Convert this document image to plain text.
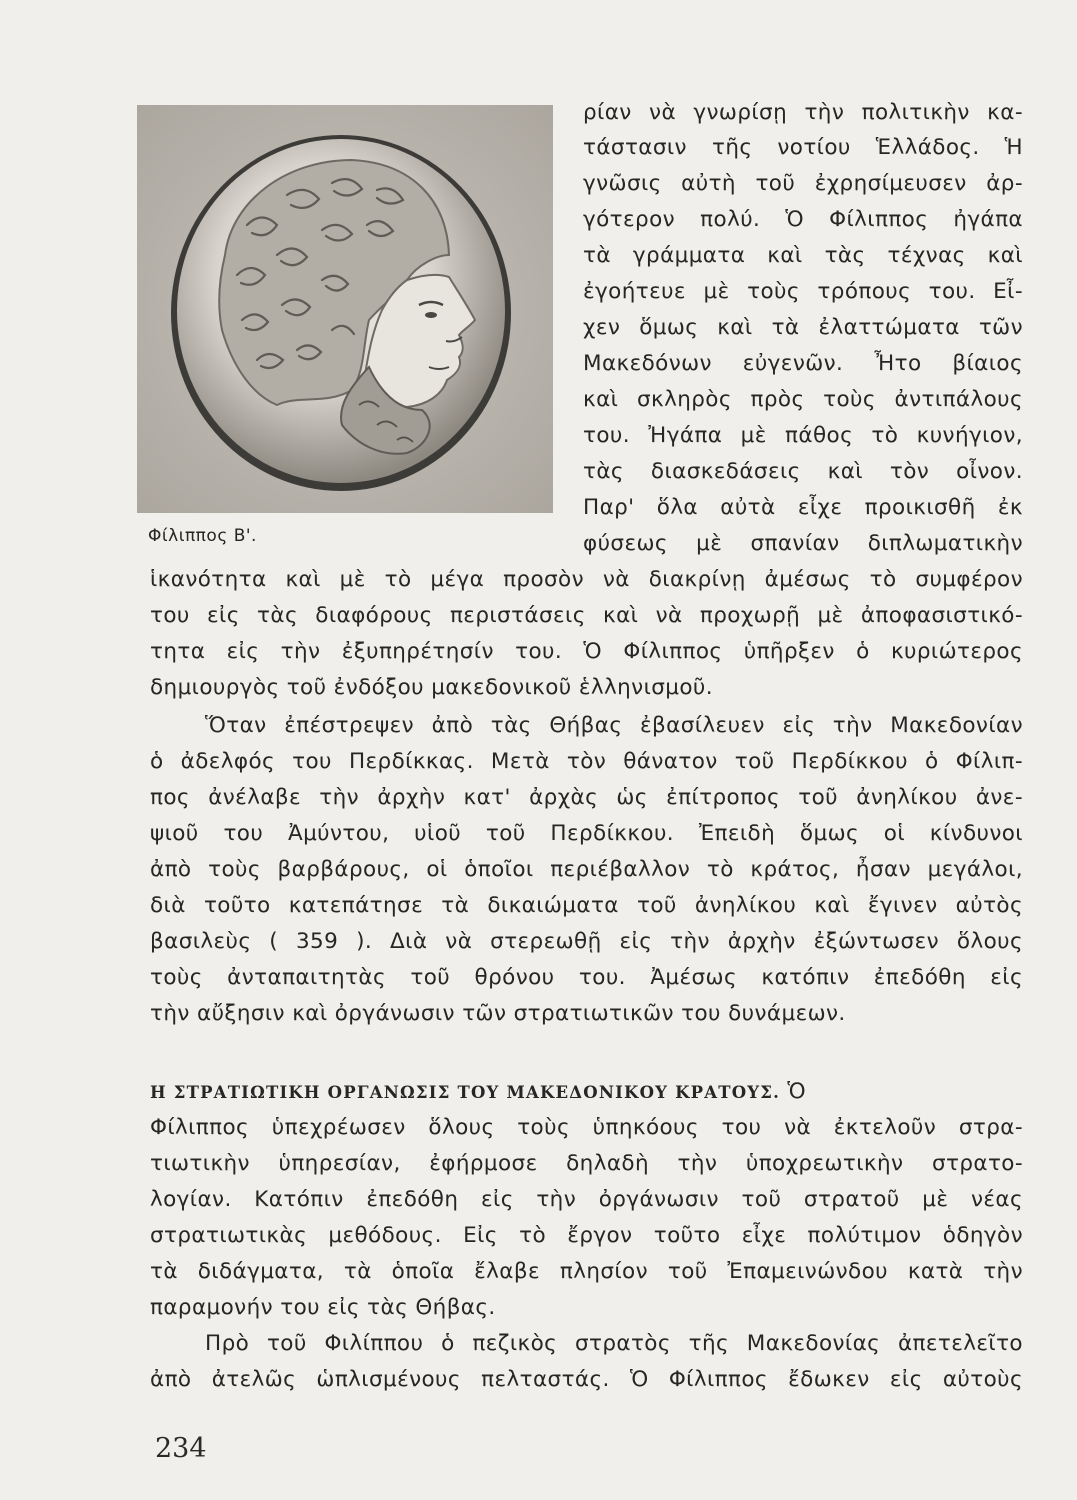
Φίλιππος Β'.
ρίαν νὰ γνωρίσῃ τὴν πολιτικὴν κα-
τάστασιν τῆς νοτίου Ἑλλάδος. Ἡ
γνῶσις αὐτὴ τοῦ ἐχρησίμευσεν ἀρ-
γότερον πολύ. Ὁ Φίλιππος ἠγάπα
τὰ γράμματα καὶ τὰς τέχνας καὶ
ἐγοήτευε μὲ τοὺς τρόπους του. Εἶ-
χεν ὅμως καὶ τὰ ἐλαττώματα τῶν
Μακεδόνων εὐγενῶν. Ἦτο βίαιος
καὶ σκληρὸς πρὸς τοὺς ἀντιπάλους
του. Ἠγάπα μὲ πάθος τὸ κυνήγιον,
τὰς διασκεδάσεις καὶ τὸν οἶνον.
Παρ' ὅλα αὐτὰ εἶχε προικισθῆ ἐκ
φύσεως μὲ σπανίαν διπλωματικὴν
ἱκανότητα καὶ μὲ τὸ μέγα προσὸν νὰ διακρίνῃ ἀμέσως τὸ συμφέρον
του εἰς τὰς διαφόρους περιστάσεις καὶ νὰ προχωρῇ μὲ ἀποφασιστικό-
τητα εἰς τὴν ἐξυπηρέτησίν του. Ὁ Φίλιππος ὑπῆρξεν ὁ κυριώτερος
δημιουργὸς τοῦ ἐνδόξου μακεδονικοῦ ἑλληνισμοῦ.
Ὅταν ἐπέστρεψεν ἀπὸ τὰς Θήβας ἐβασίλευεν εἰς τὴν Μακεδονίαν
ὁ ἀδελφός του Περδίκκας. Μετὰ τὸν θάνατον τοῦ Περδίκκου ὁ Φίλιπ-
πος ἀνέλαβε τὴν ἀρχὴν κατ' ἀρχὰς ὡς ἐπίτροπος τοῦ ἀνηλίκου ἀνε-
ψιοῦ του Ἀμύντου, υἱοῦ τοῦ Περδίκκου. Ἐπειδὴ ὅμως οἱ κίνδυνοι
ἀπὸ τοὺς βαρβάρους, οἱ ὁποῖοι περιέβαλλον τὸ κράτος, ἦσαν μεγάλοι,
διὰ τοῦτο κατεπάτησε τὰ δικαιώματα τοῦ ἀνηλίκου καὶ ἔγινεν αὐτὸς
βασιλεὺς ( 359 ). Διὰ νὰ στερεωθῇ εἰς τὴν ἀρχὴν ἐξώντωσεν ὅλους
τοὺς ἀνταπαιτητὰς τοῦ θρόνου του. Ἀμέσως κατόπιν ἐπεδόθη εἰς
τὴν αὔξησιν καὶ ὀργάνωσιν τῶν στρατιωτικῶν του δυνάμεων.
Η ΣΤΡΑΤΙΩΤΙΚΗ ΟΡΓΑΝΩΣΙΣ ΤΟΥ ΜΑΚΕΔΟΝΙΚΟΥ ΚΡΑΤΟΥΣ. Ὁ
Φίλιππος ὑπεχρέωσεν ὅλους τοὺς ὑπηκόους του νὰ ἐκτελοῦν στρα-
τιωτικὴν ὑπηρεσίαν, ἐφήρμοσε δηλαδὴ τὴν ὑποχρεωτικὴν στρατο-
λογίαν. Κατόπιν ἐπεδόθη εἰς τὴν ὀργάνωσιν τοῦ στρατοῦ μὲ νέας
στρατιωτικὰς μεθόδους. Εἰς τὸ ἔργον τοῦτο εἶχε πολύτιμον ὁδηγὸν
τὰ διδάγματα, τὰ ὁποῖα ἔλαβε πλησίον τοῦ Ἐπαμεινώνδου κατὰ τὴν
παραμονήν του εἰς τὰς Θήβας.
Πρὸ τοῦ Φιλίππου ὁ πεζικὸς στρατὸς τῆς Μακεδονίας ἀπετελεῖτο
ἀπὸ ἀτελῶς ὡπλισμένους πελταστάς. Ὁ Φίλιππος ἔδωκεν εἰς αὐτοὺς
234
